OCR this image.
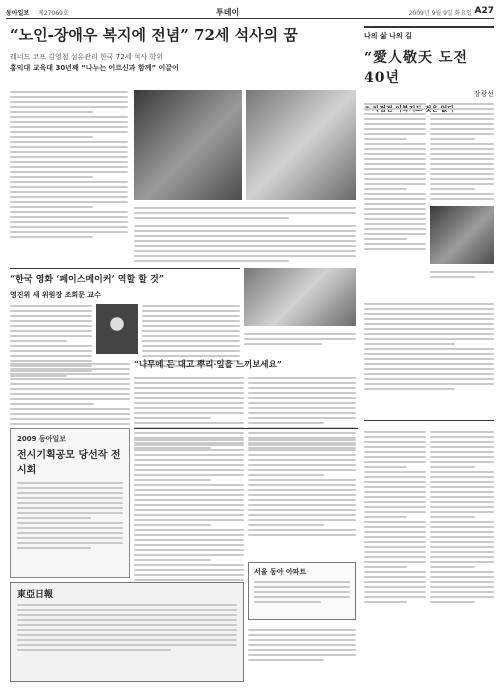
동아일보 제27069호	투데이	2009년 9월 9일 화요일 A27
“노인-장애우 복지에 전념” 72세 석사의 꿈
레너드 코프 김영철 섬유관리 한국 72세 석사 학위
홍익대 교육대 30년째 “나누는 어르신과 함께” 이끌어
“한국 영화 ‘페이스메이커’ 역할 할 것”
영진위 새 위원장 조희문 교수
“나무에 든 대고 뿌리·잎을 느끼보세요”
2009 동아일보
전시기획공모 당선작 전시회
서울 동아 아파트
東亞日報
나의 삶 나의 길
“愛人敬天 도전 40년
장광선
